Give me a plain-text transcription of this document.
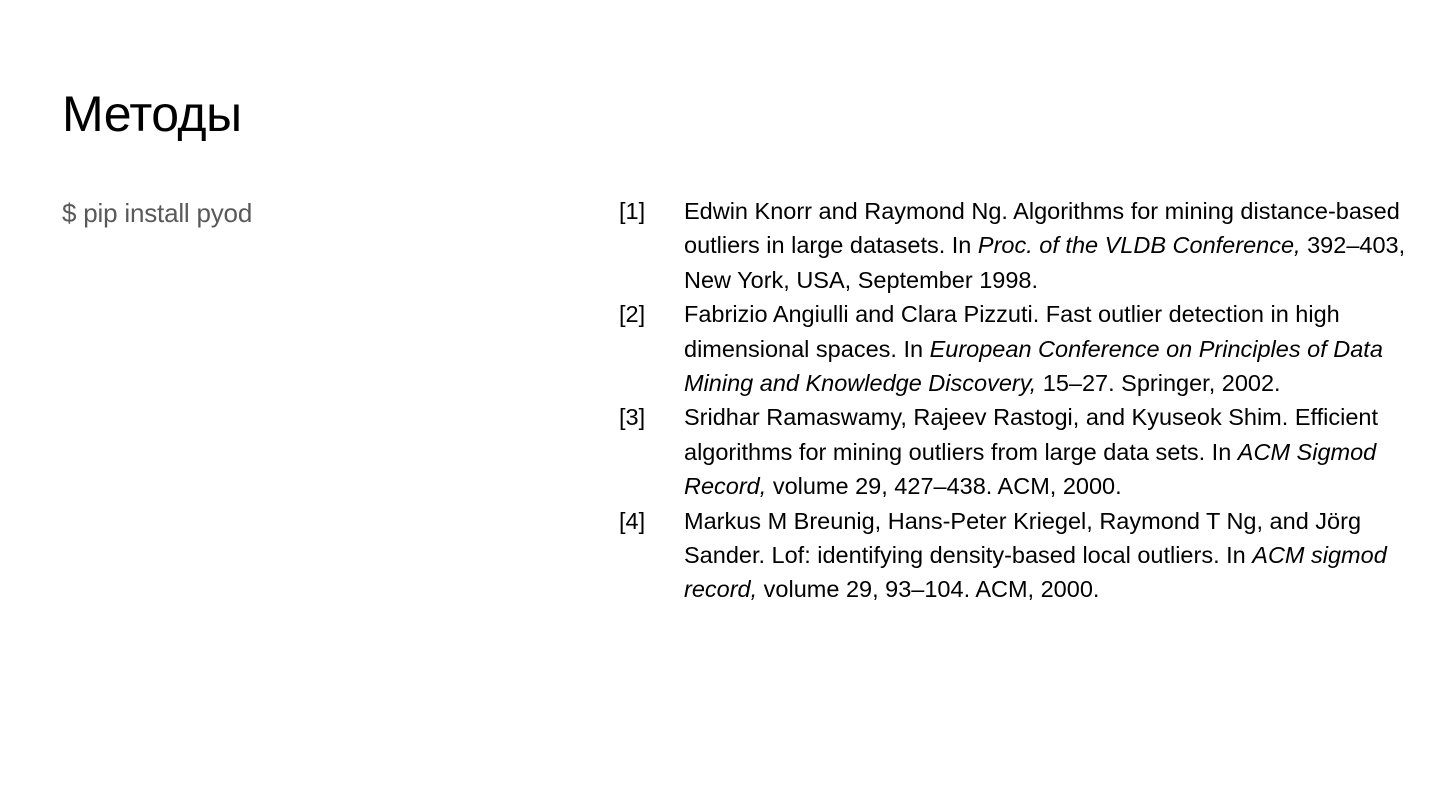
Методы
$ pip install pyod	[1]	Edwin Knorr and Raymond Ng. Algorithms for mining distance-based outliers in large datasets. In Proc. of the VLDB Conference, 392–403, New York, USA, September 1998.
[2]	Fabrizio Angiulli and Clara Pizzuti. Fast outlier detection in high dimensional spaces. In European Conference on Principles of Data Mining and Knowledge Discovery, 15–27. Springer, 2002.
[3]	Sridhar Ramaswamy, Rajeev Rastogi, and Kyuseok Shim. Efficient algorithms for mining outliers from large data sets. In ACM Sigmod Record, volume 29, 427–438. ACM, 2000.
[4]	Markus M Breunig, Hans-Peter Kriegel, Raymond T Ng, and Jörg Sander. Lof: identifying density-based local outliers. In ACM sigmod record, volume 29, 93–104. ACM, 2000.
